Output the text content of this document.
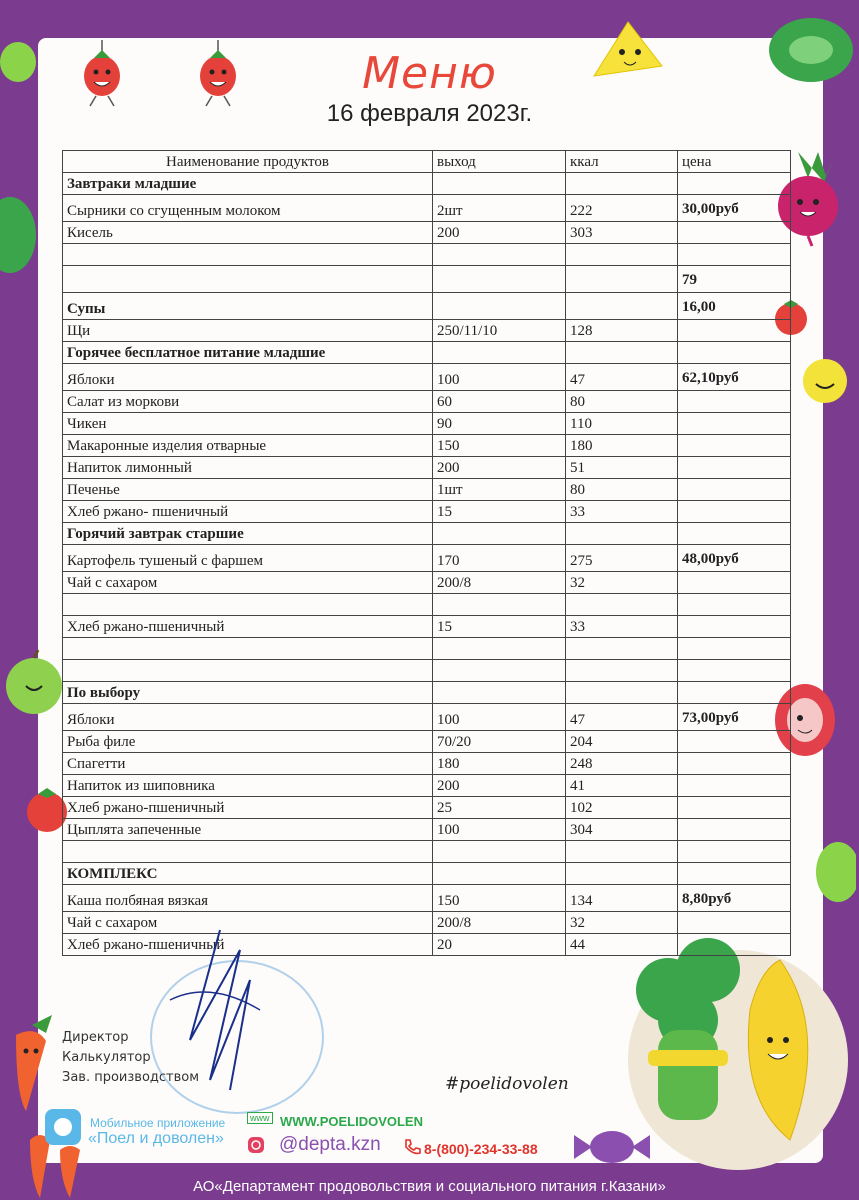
Меню
16 февраля 2023г.
Наименование продуктов	выход	ккал	цена
Завтраки младшие			
Сырники со сгущенным молоком	2шт	222	30,00руб
Кисель	200	303	

			79
Супы			16,00
Щи	250/11/10	128	
Горячее бесплатное питание младшие			
Яблоки	100	47	62,10руб
Салат из моркови	60	80	
Чикен	90	110	
Макаронные изделия отварные	150	180	
Напиток лимонный	200	51	
Печенье	1шт	80	
Хлеб ржано- пшеничный	15	33	
Горячий завтрак старшие			
Картофель тушеный с фаршем	170	275	48,00руб
Чай с сахаром	200/8	32	

Хлеб ржано-пшеничный	15	33	

По выбору			
Яблоки	100	47	73,00руб
Рыба филе	70/20	204	
Спагетти	180	248	
Напиток из шиповника	200	41	
Хлеб ржано-пшеничный	25	102	
Цыплята запеченные	100	304	

КОМПЛЕКС			
Каша полбяная вязкая	150	134	8,80руб
Чай с сахаром	200/8	32	
Хлеб ржано-пшеничный	20	44	
Директор
Калькулятор
Зав. производством	#poelidovolen
Мобильное приложение
«Поел и доволен»
www WWW.POELIDOVOLEN
@depta.kzn	8-(800)-234-33-88
АО«Департамент продовольствия и социального питания г.Казани»
